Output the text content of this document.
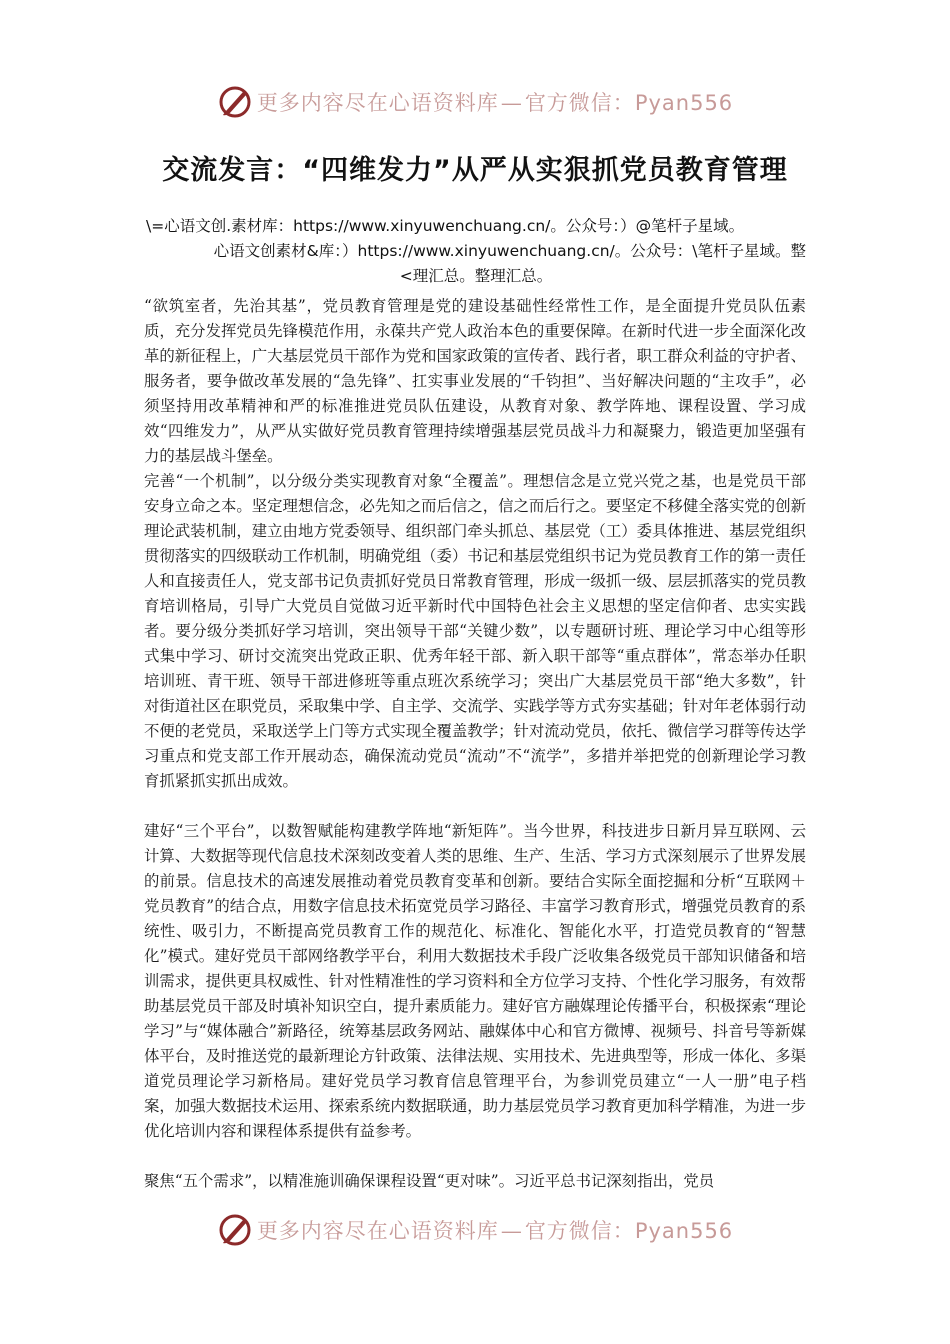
更多内容尽在心语资料库—官方微信：Pyan556
交流发言：“四维发力”从严从实狠抓党员教育管理
\=心语文创.素材库：https://www.xinyuwenchuang.cn/。公众号：）@笔杆子星域。
心语文创素材&库：）https://www.xinyuwenchuang.cn/。公众号：\笔杆子星域。整
<理汇总。整理汇总。

“欲筑室者，先治其基”，党员教育管理是党的建设基础性经常性工作，是全面提升党员队伍素质，充分发挥党员先锋模范作用，永葆共产党人政治本色的重要保障。在新时代进一步全面深化改革的新征程上，广大基层党员干部作为党和国家政策的宣传者、践行者，职工群众利益的守护者、服务者，要争做改革发展的“急先锋”、扛实事业发展的“千钧担”、当好解决问题的“主攻手”，必须坚持用改革精神和严的标准推进党员队伍建设，从教育对象、教学阵地、课程设置、学习成效“四维发力”，从严从实做好党员教育管理持续增强基层党员战斗力和凝聚力，锻造更加坚强有力的基层战斗堡垒。

完善“一个机制”，以分级分类实现教育对象“全覆盖”。理想信念是立党兴党之基，也是党员干部安身立命之本。坚定理想信念，必先知之而后信之，信之而后行之。要坚定不移健全落实党的创新理论武装机制，建立由地方党委领导、组织部门牵头抓总、基层党（工）委具体推进、基层党组织贯彻落实的四级联动工作机制，明确党组（委）书记和基层党组织书记为党员教育工作的第一责任人和直接责任人，党支部书记负责抓好党员日常教育管理，形成一级抓一级、层层抓落实的党员教育培训格局，引导广大党员自觉做习近平新时代中国特色社会主义思想的坚定信仰者、忠实实践者。要分级分类抓好学习培训，突出领导干部“关键少数”，以专题研讨班、理论学习中心组等形式集中学习、研讨交流突出党政正职、优秀年轻干部、新入职干部等“重点群体”，常态举办任职培训班、青干班、领导干部进修班等重点班次系统学习；突出广大基层党员干部“绝大多数”，针对街道社区在职党员，采取集中学、自主学、交流学、实践学等方式夯实基础；针对年老体弱行动不便的老党员，采取送学上门等方式实现全覆盖教学；针对流动党员，依托、微信学习群等传达学习重点和党支部工作开展动态，确保流动党员“流动”不“流学”，多措并举把党的创新理论学习教育抓紧抓实抓出成效。

建好“三个平台”，以数智赋能构建教学阵地“新矩阵”。当今世界，科技进步日新月异互联网、云计算、大数据等现代信息技术深刻改变着人类的思维、生产、生活、学习方式深刻展示了世界发展的前景。信息技术的高速发展推动着党员教育变革和创新。要结合实际全面挖掘和分析“互联网＋党员教育”的结合点，用数字信息技术拓宽党员学习路径、丰富学习教育形式，增强党员教育的系统性、吸引力，不断提高党员教育工作的规范化、标准化、智能化水平，打造党员教育的“智慧化”模式。建好党员干部网络教学平台，利用大数据技术手段广泛收集各级党员干部知识储备和培训需求，提供更具权威性、针对性精准性的学习资料和全方位学习支持、个性化学习服务，有效帮助基层党员干部及时填补知识空白，提升素质能力。建好官方融媒理论传播平台，积极探索“理论学习”与“媒体融合”新路径，统筹基层政务网站、融媒体中心和官方微博、视频号、抖音号等新媒体平台，及时推送党的最新理论方针政策、法律法规、实用技术、先进典型等，形成一体化、多渠道党员理论学习新格局。建好党员学习教育信息管理平台，为参训党员建立“一人一册”电子档案，加强大数据技术运用、探索系统内数据联通，助力基层党员学习教育更加科学精准，为进一步优化培训内容和课程体系提供有益参考。

聚焦“五个需求”，以精准施训确保课程设置“更对味”。习近平总书记深刻指出，党员

更多内容尽在心语资料库—官方微信：Pyan556
